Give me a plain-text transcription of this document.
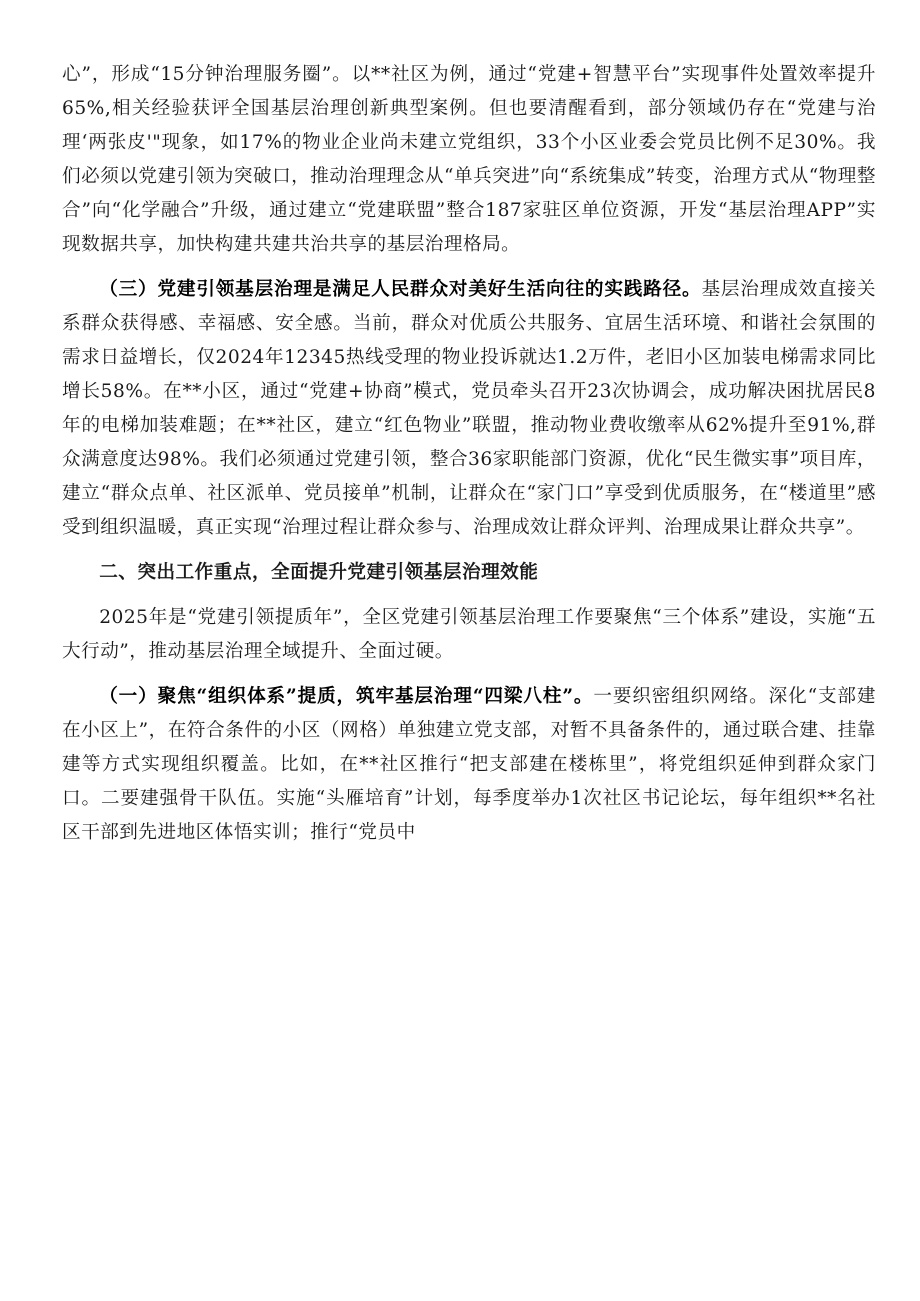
心”，形成“15分钟治理服务圈”。以**社区为例，通过“党建+智慧平台”实现事件处置效率提升65%,相关经验获评全国基层治理创新典型案例。但也要清醒看到，部分领域仍存在“党建与治理‘两张皮'"现象，如17%的物业企业尚未建立党组织，33个小区业委会党员比例不足30%。我们必须以党建引领为突破口，推动治理理念从“单兵突进”向“系统集成”转变，治理方式从“物理整合”向“化学融合”升级，通过建立“党建联盟”整合187家驻区单位资源，开发“基层治理APP”实现数据共享，加快构建共建共治共享的基层治理格局。

（三）党建引领基层治理是满足人民群众对美好生活向往的实践路径。基层治理成效直接关系群众获得感、幸福感、安全感。当前，群众对优质公共服务、宜居生活环境、和谐社会氛围的需求日益增长，仅2024年12345热线受理的物业投诉就达1.2万件，老旧小区加装电梯需求同比增长58%。在**小区，通过“党建+协商”模式，党员牵头召开23次协调会，成功解决困扰居民8年的电梯加装难题；在**社区，建立“红色物业”联盟，推动物业费收缴率从62%提升至91%,群众满意度达98%。我们必须通过党建引领，整合36家职能部门资源，优化“民生微实事”项目库，建立“群众点单、社区派单、党员接单”机制，让群众在“家门口”享受到优质服务，在“楼道里”感受到组织温暖，真正实现“治理过程让群众参与、治理成效让群众评判、治理成果让群众共享”。

二、突出工作重点，全面提升党建引领基层治理效能

2025年是“党建引领提质年”，全区党建引领基层治理工作要聚焦“三个体系”建设，实施“五大行动”，推动基层治理全域提升、全面过硬。

（一）聚焦“组织体系”提质，筑牢基层治理“四梁八柱”。一要织密组织网络。深化“支部建在小区上”，在符合条件的小区（网格）单独建立党支部，对暂不具备条件的，通过联合建、挂靠建等方式实现组织覆盖。比如，在**社区推行“把支部建在楼栋里”，将党组织延伸到群众家门口。二要建强骨干队伍。实施“头雁培育”计划，每季度举办1次社区书记论坛，每年组织**名社区干部到先进地区体悟实训；推行“党员中
